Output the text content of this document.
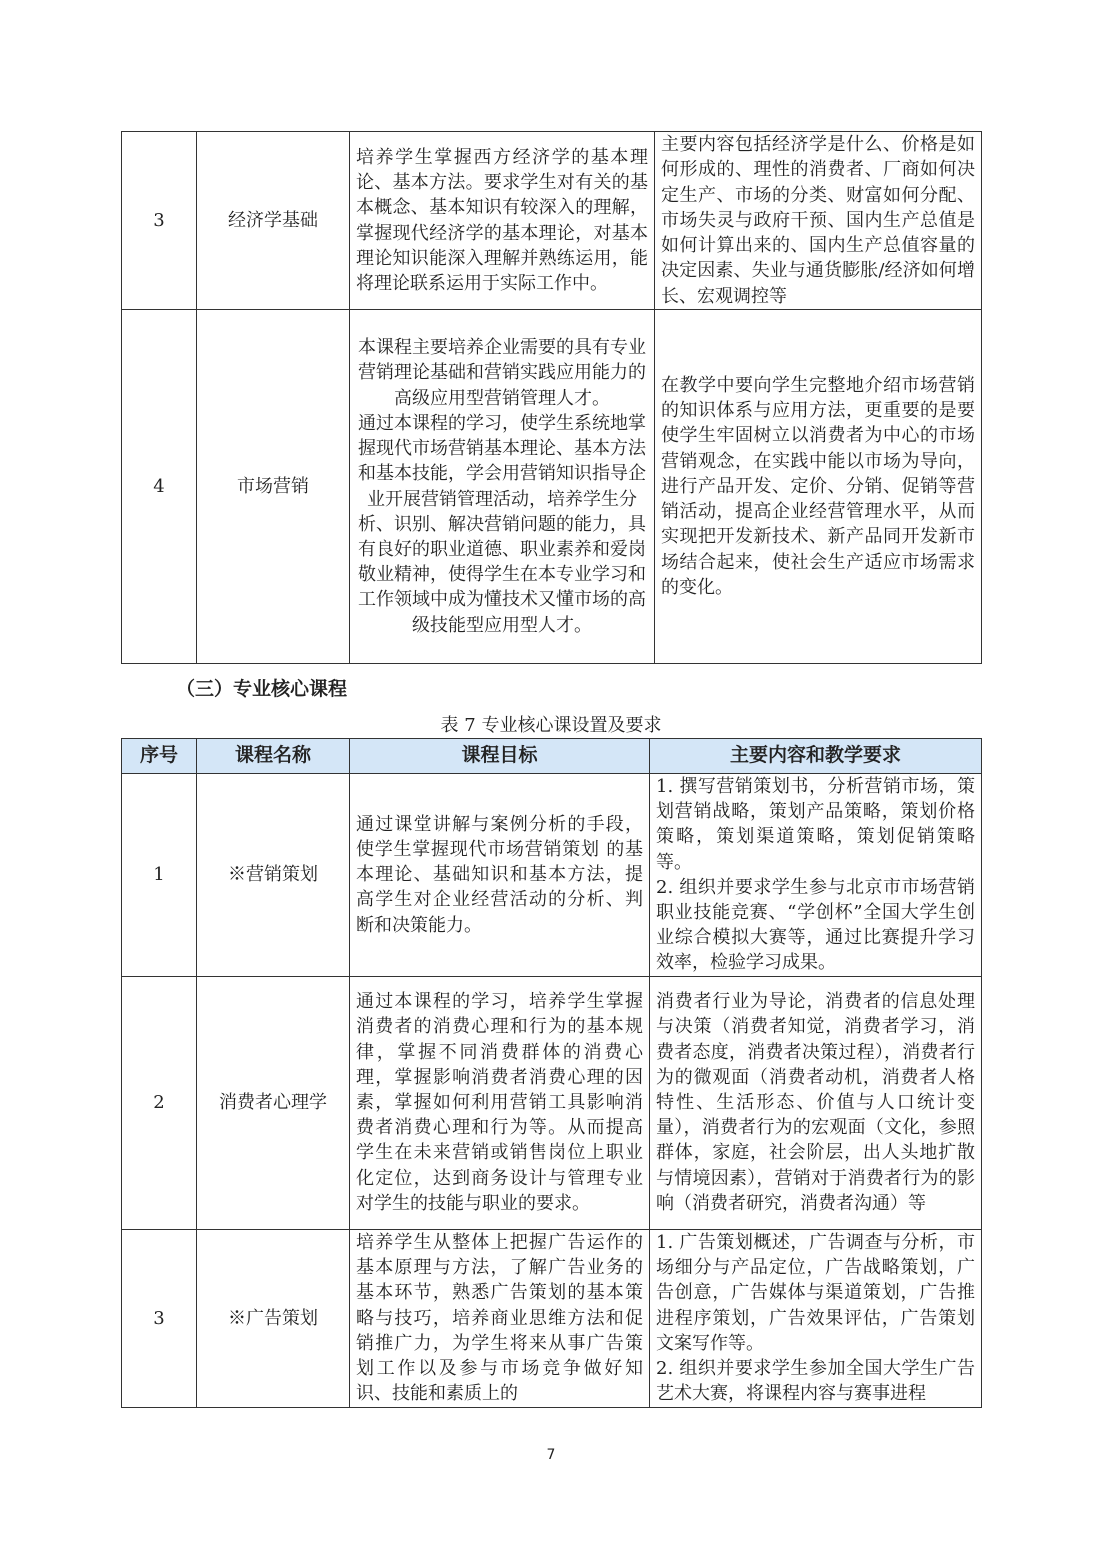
3	经济学基础	培养学生掌握西方经济学的基本理论、基本方法。要求学生对有关的基本概念、基本知识有较深入的理解，掌握现代经济学的基本理论，对基本理论知识能深入理解并熟练运用，能将理论联系运用于实际工作中。	主要内容包括经济学是什么、价格是如何形成的、理性的消费者、厂商如何决定生产、市场的分类、财富如何分配、市场失灵与政府干预、国内生产总值是如何计算出来的、国内生产总值容量的决定因素、失业与通货膨胀/经济如何增长、宏观调控等
4	市场营销	本课程主要培养企业需要的具有专业营销理论基础和营销实践应用能力的高级应用型营销管理人才。
通过本课程的学习，使学生系统地掌握现代市场营销基本理论、基本方法和基本技能，学会用营销知识指导企业开展营销管理活动，培养学生分析、识别、解决营销问题的能力，具有良好的职业道德、职业素养和爱岗敬业精神，使得学生在本专业学习和工作领域中成为懂技术又懂市场的高级技能型应用型人才。	在教学中要向学生完整地介绍市场营销的知识体系与应用方法，更重要的是要使学生牢固树立以消费者为中心的市场营销观念，在实践中能以市场为导向，进行产品开发、定价、分销、促销等营销活动，提高企业经营管理水平，从而实现把开发新技术、新产品同开发新市场结合起来，使社会生产适应市场需求的变化。
（三）专业核心课程
表 7 专业核心课设置及要求
序号	课程名称	课程目标	主要内容和教学要求
1	※营销策划	通过课堂讲解与案例分析的手段，使学生掌握现代市场营销策划 的基本理论、基础知识和基本方法，提高学生对企业经营活动的分析、判断和决策能力。	1. 撰写营销策划书，分析营销市场，策划营销战略，策划产品策略，策划价格策略，策划渠道策略，策划促销策略等。
2. 组织并要求学生参与北京市市场营销职业技能竞赛、“学创杯”全国大学生创业综合模拟大赛等，通过比赛提升学习效率，检验学习成果。
2	消费者心理学	通过本课程的学习，培养学生掌握消费者的消费心理和行为的基本规律，掌握不同消费群体的消费心理，掌握影响消费者消费心理的因素，掌握如何利用营销工具影响消费者消费心理和行为等。从而提高学生在未来营销或销售岗位上职业化定位，达到商务设计与管理专业对学生的技能与职业的要求。	消费者行业为导论，消费者的信息处理与决策（消费者知觉，消费者学习，消费者态度，消费者决策过程），消费者行为的微观面（消费者动机，消费者人格特性、生活形态、价值与人口统计变量），消费者行为的宏观面（文化，参照群体，家庭，社会阶层，出人头地扩散与情境因素），营销对于消费者行为的影响（消费者研究，消费者沟通）等
3	※广告策划	培养学生从整体上把握广告运作的基本原理与方法，了解广告业务的基本环节，熟悉广告策划的基本策略与技巧，培养商业思维方法和促销推广力，为学生将来从事广告策划工作以及参与市场竞争做好知识、技能和素质上的	1. 广告策划概述，广告调查与分析，市场细分与产品定位，广告战略策划，广告创意，广告媒体与渠道策划，广告推进程序策划，广告效果评估，广告策划文案写作等。
2. 组织并要求学生参加全国大学生广告艺术大赛，将课程内容与赛事进程
7
